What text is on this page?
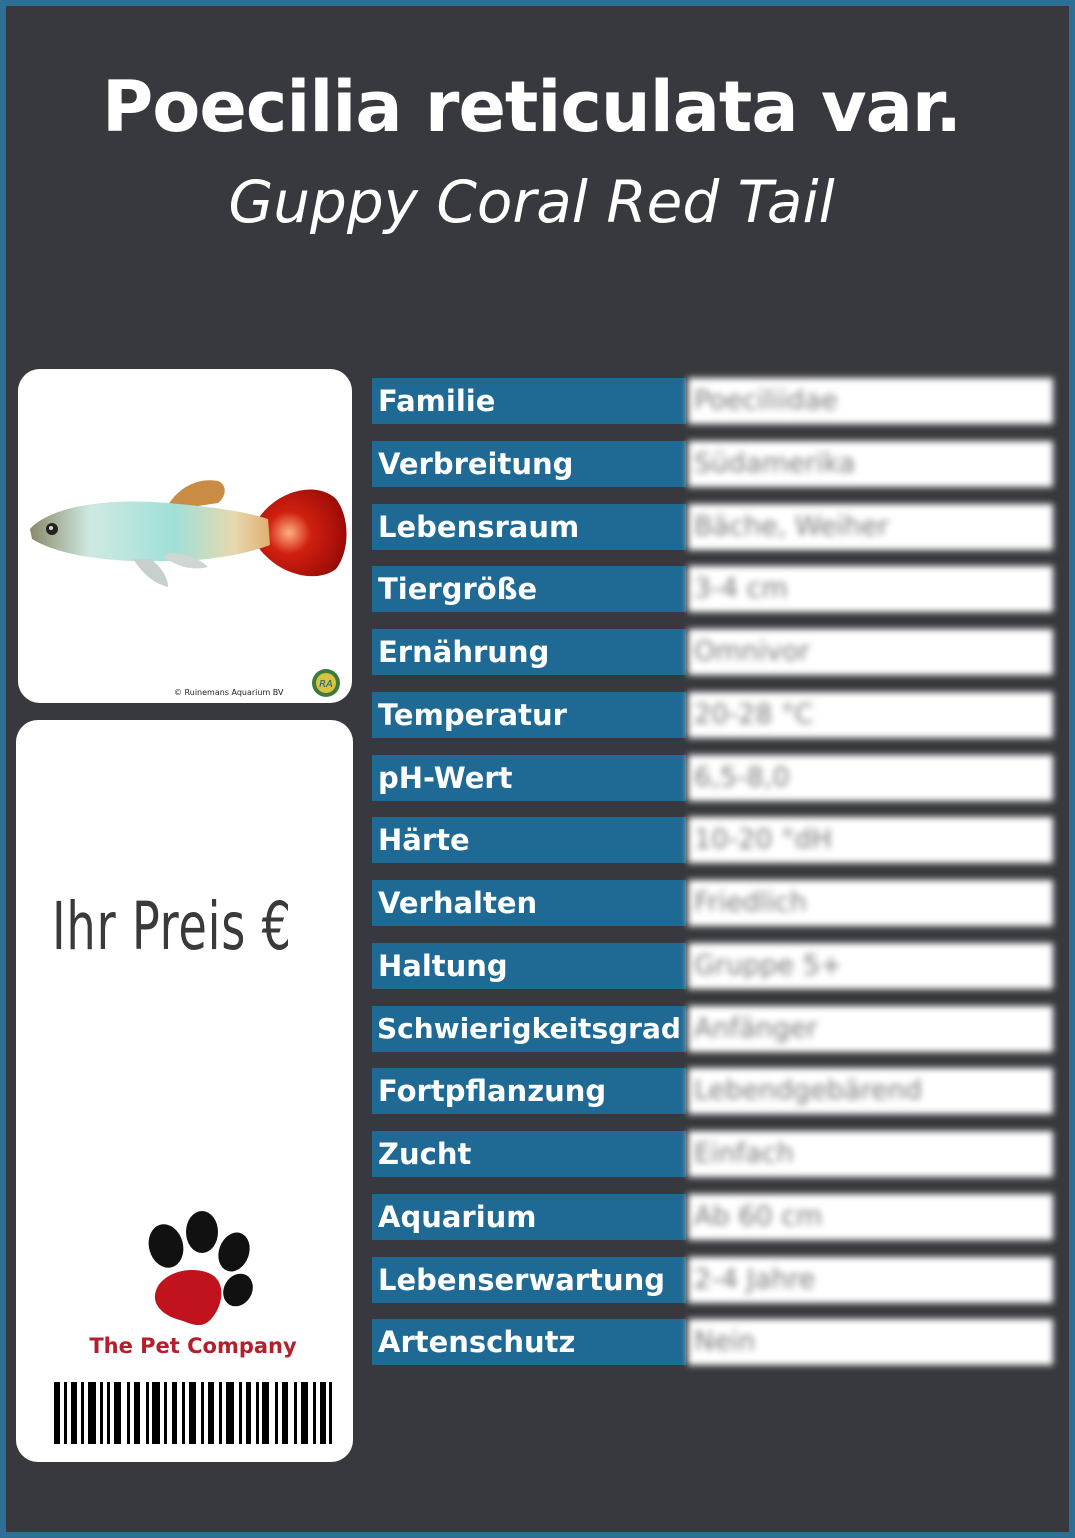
Poecilia reticulata var.
Guppy Coral Red Tail
© Ruinemans Aquarium BV
RA
Ihr Preis €
The Pet Company
Familie	Poeciliidae
Verbreitung	Südamerika
Lebensraum	Bäche, Weiher
Tiergröße	3-4 cm
Ernährung	Omnivor
Temperatur	20-28 °C
pH-Wert	6,5-8,0
Härte	10-20 °dH
Verhalten	Friedlich
Haltung	Gruppe 5+
Schwierigkeitsgrad Anfänger
Fortpflanzung	Lebendgebärend
Zucht	Einfach
Aquarium	Ab 60 cm
Lebenserwartung	2-4 Jahre
Artenschutz	Nein
